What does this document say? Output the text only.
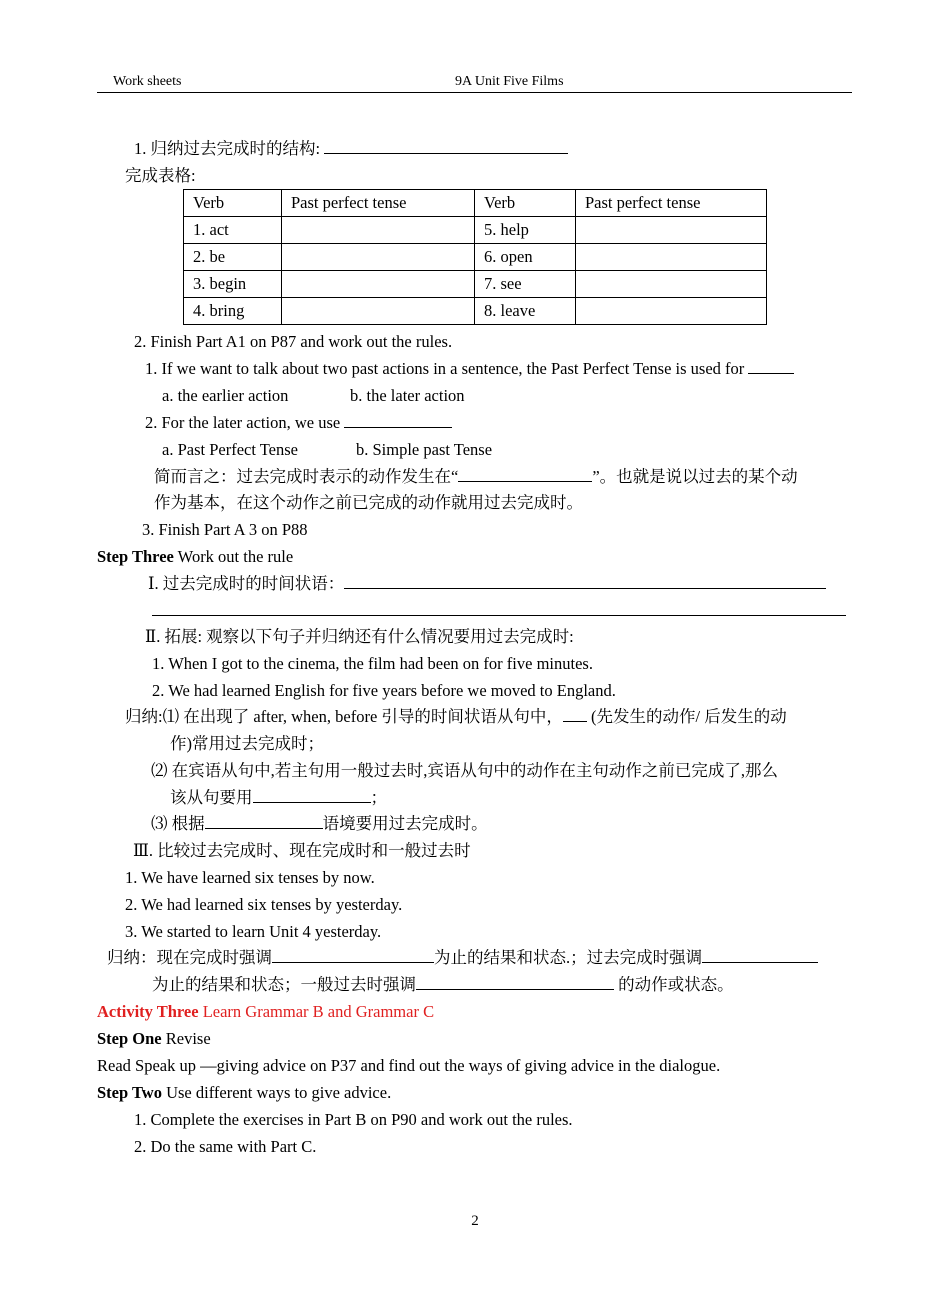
Work sheets	9A Unit Five Films
1. 归纳过去完成时的结构:
完成表格:
Verb	Past perfect tense	Verb	Past perfect tense
1. act		5. help	
2. be		6. open	
3. begin		7. see	
4. bring		8. leave	
2. Finish Part A1 on P87 and work out the rules.
1. If we want to talk about two past actions in a sentence, the Past Perfect Tense is used for
a. the earlier action	b. the later action
2. For the later action, we use
a. Past Perfect Tense	b. Simple past Tense
简而言之：过去完成时表示的动作发生在“	”。也就是说以过去的某个动
作为基本，在这个动作之前已完成的动作就用过去完成时。
3. Finish Part A 3 on P88
Step Three Work out the rule
Ⅰ. 过去完成时的时间状语：
Ⅱ. 拓展: 观察以下句子并归纳还有什么情况要用过去完成时:
1. When I got to the cinema, the film had been on for five minutes.
2. We had learned English for five years before we moved to England.
归纳:⑴ 在出现了 after, when, before 引导的时间状语从句中， (先发生的动作/ 后发生的动
作)常用过去完成时；
⑵ 在宾语从句中,若主句用一般过去时,宾语从句中的动作在主句动作之前已完成了,那么
该从句要用	；
⑶ 根据	语境要用过去完成时。
Ⅲ. 比较过去完成时、现在完成时和一般过去时
1. We have learned six tenses by now.
2. We had learned six tenses by yesterday.
3. We started to learn Unit 4 yesterday.
归纳：现在完成时强调	为止的结果和状态.；过去完成时强调
为止的结果和状态；一般过去时强调	的动作或状态。
Activity Three Learn Grammar B and Grammar C
Step One Revise
Read Speak up —giving advice on P37 and find out the ways of giving advice in the dialogue.
Step Two Use different ways to give advice.
1. Complete the exercises in Part B on P90 and work out the rules.
2. Do the same with Part C.
2
